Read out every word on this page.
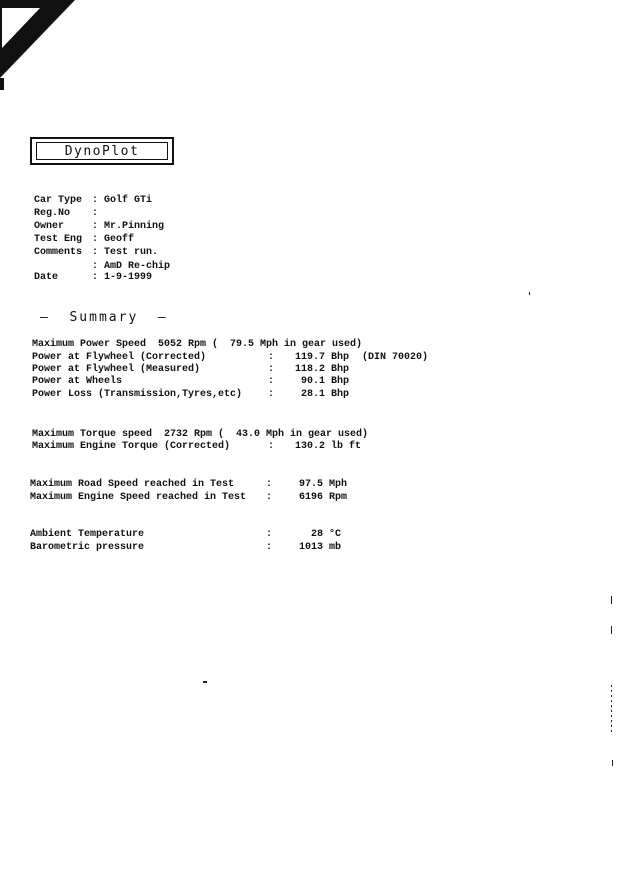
DynoPlot
Car Type : Golf GTi
Reg.No :
Owner	: Mr.Pinning
Test Eng : Geoff
Comments : Test run.
: AmD Re-chip
Date	: 1-9-1999
–  Summary  –
Maximum Power Speed  5052 Rpm (  79.5 Mph in gear used)
Power at Flywheel (Corrected)	: 119.7 Bhp (DIN 70020)
Power at Flywheel (Measured)	: 118.2 Bhp
Power at Wheels	:	90.1 Bhp
Power Loss (Transmission,Tyres,etc)	:	28.1 Bhp
Maximum Torque speed  2732 Rpm (  43.0 Mph in gear used)
Maximum Engine Torque (Corrected)	: 130.2 lb ft
Maximum Road Speed reached in Test	:	97.5 Mph
Maximum Engine Speed reached in Test :	6196 Rpm
Ambient Temperature	:	28 °C
Barometric pressure	:	1013 mb
